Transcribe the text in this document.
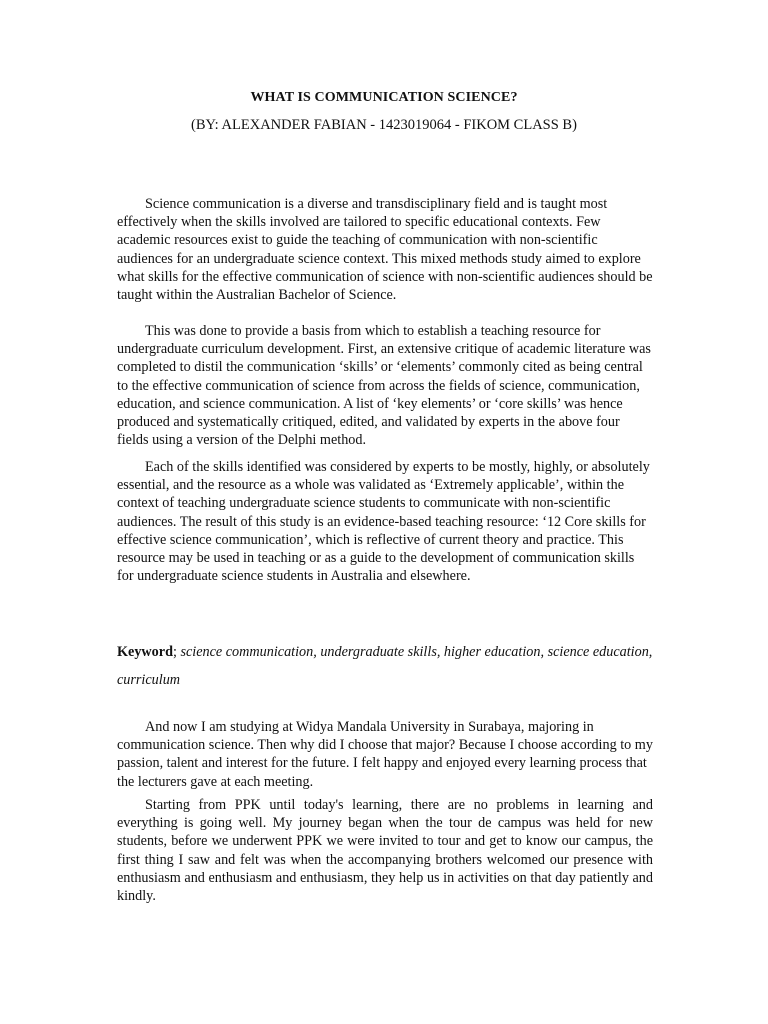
WHAT IS COMMUNICATION SCIENCE?
(BY: ALEXANDER FABIAN - 1423019064 - FIKOM CLASS B)

Science communication is a diverse and transdisciplinary field and is taught most effectively when the skills involved are tailored to specific educational contexts. Few academic resources exist to guide the teaching of communication with non-scientific audiences for an undergraduate science context. This mixed methods study aimed to explore what skills for the effective communication of science with non-scientific audiences should be taught within the Australian Bachelor of Science.

This was done to provide a basis from which to establish a teaching resource for undergraduate curriculum development. First, an extensive critique of academic literature was completed to distil the communication ‘skills’ or ‘elements’ commonly cited as being central to the effective communication of science from across the fields of science, communication, education, and science communication. A list of ‘key elements’ or ‘core skills’ was hence produced and systematically critiqued, edited, and validated by experts in the above four fields using a version of the Delphi method.

Each of the skills identified was considered by experts to be mostly, highly, or absolutely essential, and the resource as a whole was validated as ‘Extremely applicable’, within the context of teaching undergraduate science students to communicate with non-scientific audiences. The result of this study is an evidence-based teaching resource: ‘12 Core skills for effective science communication’, which is reflective of current theory and practice. This resource may be used in teaching or as a guide to the development of communication skills for undergraduate science students in Australia and elsewhere.

Keyword; science communication, undergraduate skills, higher education, science education, curriculum

And now I am studying at Widya Mandala University in Surabaya, majoring in communication science. Then why did I choose that major? Because I choose according to my passion, talent and interest for the future. I felt happy and enjoyed every learning process that the lecturers gave at each meeting.

Starting from PPK until today's learning, there are no problems in learning and everything is going well. My journey began when the tour de campus was held for new students, before we underwent PPK we were invited to tour and get to know our campus, the first thing I saw and felt was when the accompanying brothers welcomed our presence with enthusiasm and enthusiasm and enthusiasm, they help us in activities on that day patiently and kindly.
